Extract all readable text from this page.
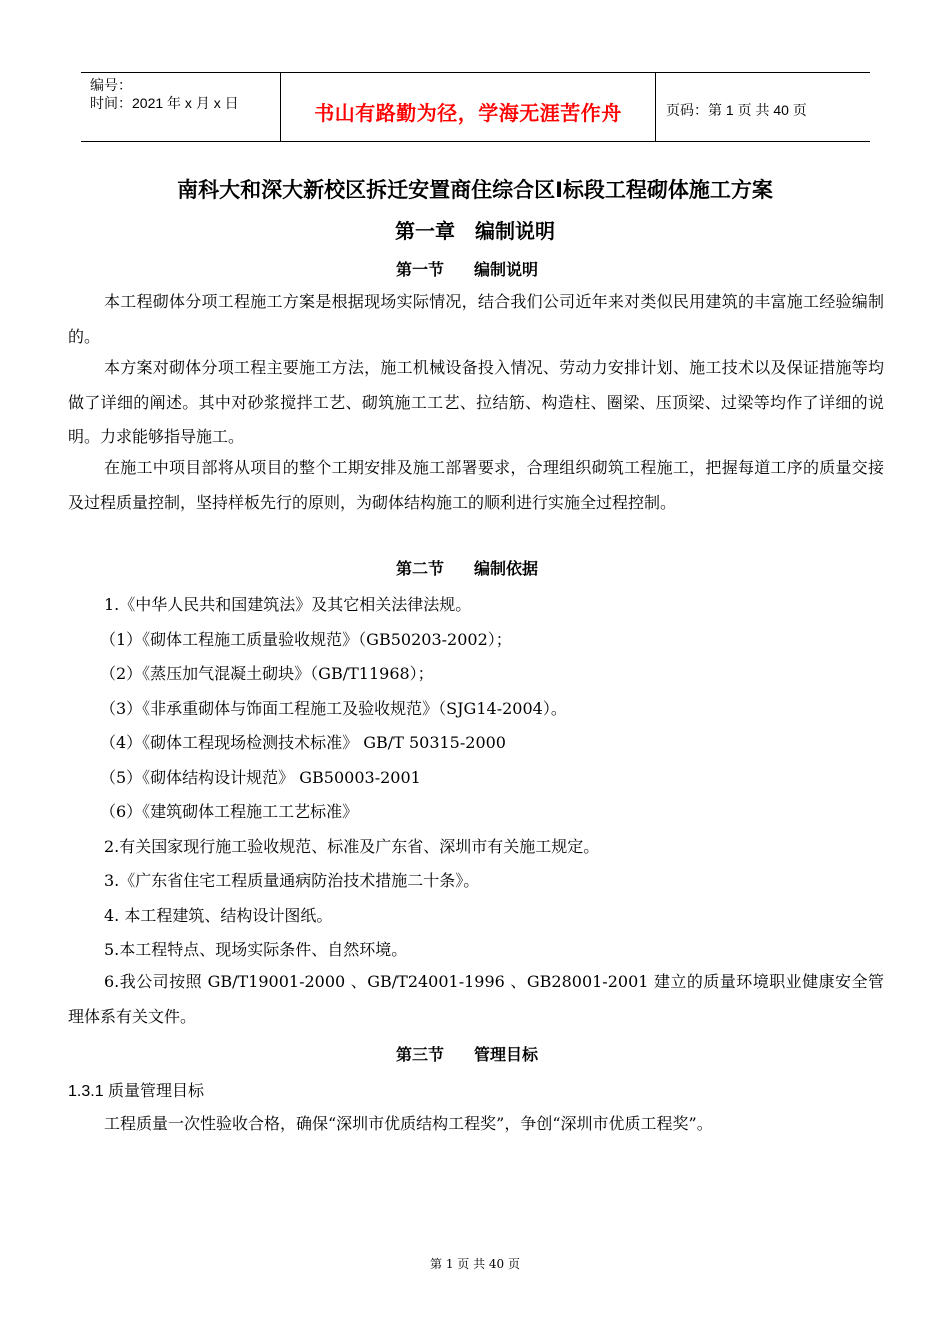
编号：
时间：2021 年 x 月 x 日	书山有路勤为径，学海无涯苦作舟	页码：第 1 页 共 40 页
南科大和深大新校区拆迁安置商住综合区Ⅰ标段工程砌体施工方案
第一章　编制说明
第一节 编制说明
本工程砌体分项工程施工方案是根据现场实际情况，结合我们公司近年来对类似民用建筑的丰富施工经验编制的。
本方案对砌体分项工程主要施工方法，施工机械设备投入情况、劳动力安排计划、施工技术以及保证措施等均做了详细的阐述。其中对砂浆搅拌工艺、砌筑施工工艺、拉结筋、构造柱、圈梁、压顶梁、过梁等均作了详细的说明。力求能够指导施工。
在施工中项目部将从项目的整个工期安排及施工部署要求，合理组织砌筑工程施工，把握每道工序的质量交接及过程质量控制，坚持样板先行的原则，为砌体结构施工的顺利进行实施全过程控制。
第二节 编制依据
1.《中华人民共和国建筑法》及其它相关法律法规。
（1）《砌体工程施工质量验收规范》（GB50203-2002）；
（2）《蒸压加气混凝土砌块》（GB/T11968）；
（3）《非承重砌体与饰面工程施工及验收规范》（SJG14-2004）。
（4）《砌体工程现场检测技术标准》 GB/T 50315-2000
（5）《砌体结构设计规范》 GB50003-2001
（6）《建筑砌体工程施工工艺标准》
2.有关国家现行施工验收规范、标准及广东省、深圳市有关施工规定。
3.《广东省住宅工程质量通病防治技术措施二十条》。
4. 本工程建筑、结构设计图纸。
5.本工程特点、现场实际条件、自然环境。
6.我公司按照 GB/T19001-2000 、GB/T24001-1996 、GB28001-2001 建立的质量环境职业健康安全管理体系有关文件。
第三节 管理目标
1.3.1 质量管理目标
工程质量一次性验收合格，确保“深圳市优质结构工程奖”，争创“深圳市优质工程奖”。
第 1 页 共 40 页
